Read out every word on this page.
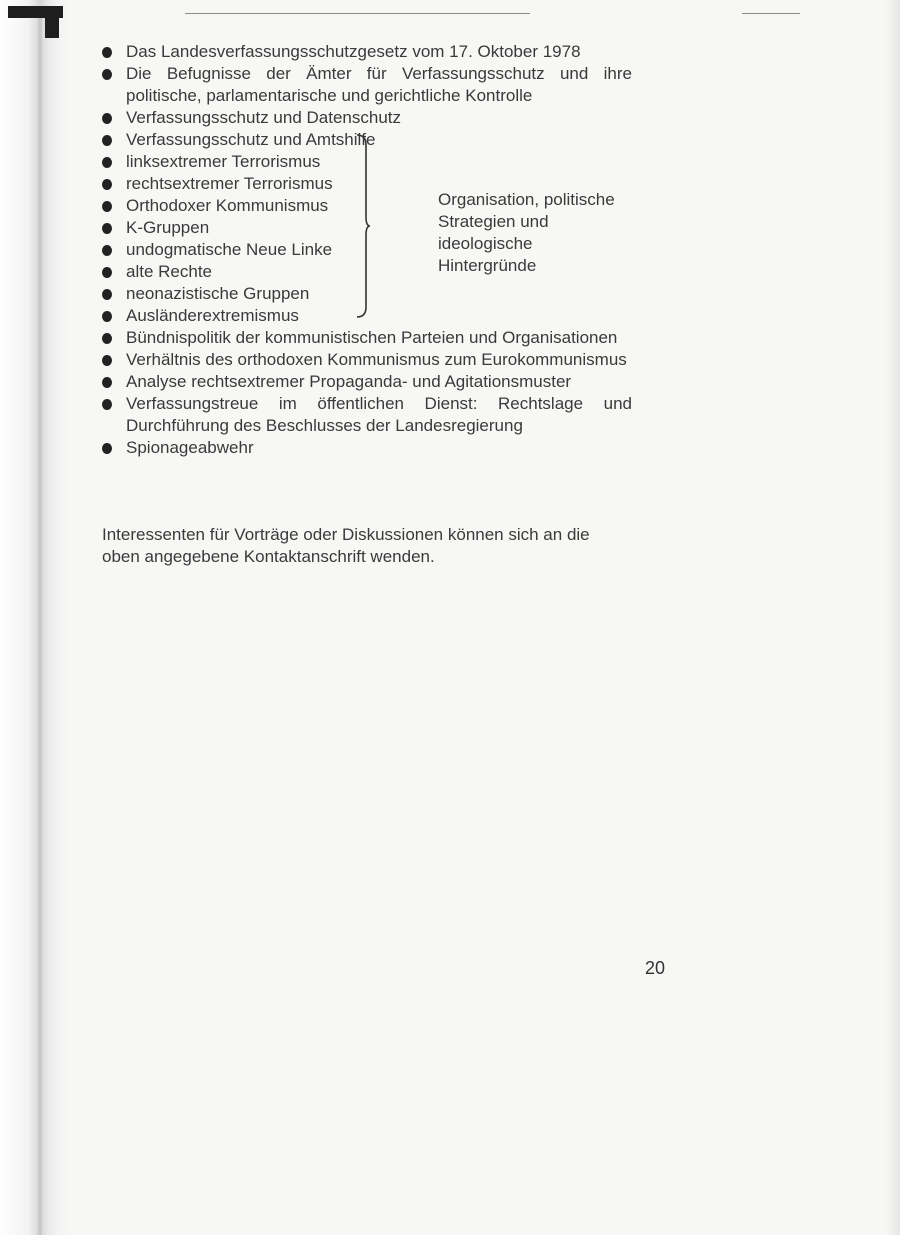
Das Landesverfassungsschutzgesetz vom 17. Oktober 1978
Die Befugnisse der Ämter für Verfassungsschutz und ihre politische, parlamentarische und gerichtliche Kontrolle
Verfassungsschutz und Datenschutz
Verfassungsschutz und Amtshilfe
linksextremer Terrorismus
rechtsextremer Terrorismus
Orthodoxer Kommunismus
K-Gruppen
undogmatische Neue Linke
alte Rechte
neonazistische Gruppen
Ausländerextremismus
Bündnispolitik der kommunistischen Parteien und Organisationen
Verhältnis des orthodoxen Kommunismus zum Eurokommunismus
Analyse rechtsextremer Propaganda- und Agitationsmuster
Verfassungstreue im öffentlichen Dienst: Rechtslage und Durchführung des Beschlusses der Landesregierung
Spionageabwehr
Organisation, politische Strategien und ideologische Hintergründe
Interessenten für Vorträge oder Diskussionen können sich an die oben angegebene Kontaktanschrift wenden.
20
